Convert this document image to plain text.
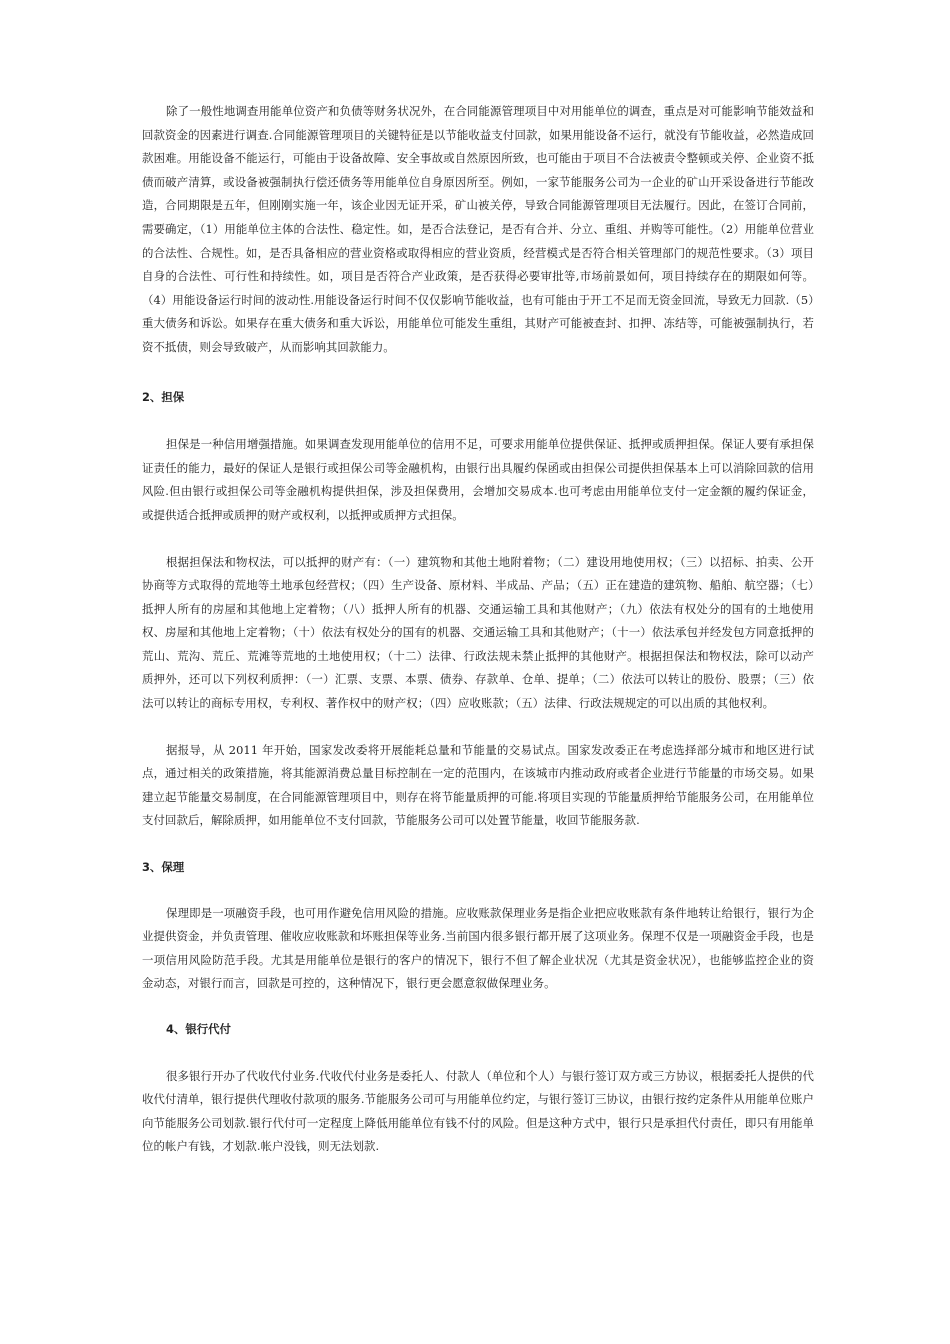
除了一般性地调查用能单位资产和负债等财务状况外，在合同能源管理项目中对用能单位的调查，重点是对可能影响节能效益和回款资金的因素进行调查.合同能源管理项目的关键特征是以节能收益支付回款，如果用能设备不运行，就没有节能收益，必然造成回款困难。用能设备不能运行，可能由于设备故障、安全事故或自然原因所致，也可能由于项目不合法被责令整顿或关停、企业资不抵债而破产清算，或设备被强制执行偿还债务等用能单位自身原因所至。例如，一家节能服务公司为一企业的矿山开采设备进行节能改造，合同期限是五年，但刚刚实施一年，该企业因无证开采，矿山被关停，导致合同能源管理项目无法履行。因此，在签订合同前，需要确定，（1）用能单位主体的合法性、稳定性。如，是否合法登记，是否有合并、分立、重组、并购等可能性。（2）用能单位营业的合法性、合规性。如，是否具备相应的营业资格或取得相应的营业资质，经营模式是否符合相关管理部门的规范性要求。（3）项目自身的合法性、可行性和持续性。如，项目是否符合产业政策，是否获得必要审批等,市场前景如何，项目持续存在的期限如何等。（4）用能设备运行时间的波动性.用能设备运行时间不仅仅影响节能收益，也有可能由于开工不足而无资金回流，导致无力回款.（5）重大债务和诉讼。如果存在重大债务和重大诉讼，用能单位可能发生重组，其财产可能被查封、扣押、冻结等，可能被强制执行，若资不抵债，则会导致破产，从而影响其回款能力。

2、担保

担保是一种信用增强措施。如果调查发现用能单位的信用不足，可要求用能单位提供保证、抵押或质押担保。保证人要有承担保证责任的能力，最好的保证人是银行或担保公司等金融机构，由银行出具履约保函或由担保公司提供担保基本上可以消除回款的信用风险.但由银行或担保公司等金融机构提供担保，涉及担保费用，会增加交易成本.也可考虑由用能单位支付一定金额的履约保证金，或提供适合抵押或质押的财产或权利，以抵押或质押方式担保。

根据担保法和物权法，可以抵押的财产有：（一）建筑物和其他土地附着物；（二）建设用地使用权；（三）以招标、拍卖、公开协商等方式取得的荒地等土地承包经营权；（四）生产设备、原材料、半成品、产品；（五）正在建造的建筑物、船舶、航空器；（七）抵押人所有的房屋和其他地上定着物；（八）抵押人所有的机器、交通运输工具和其他财产；（九）依法有权处分的国有的土地使用权、房屋和其他地上定着物；（十）依法有权处分的国有的机器、交通运输工具和其他财产；（十一）依法承包并经发包方同意抵押的荒山、荒沟、荒丘、荒滩等荒地的土地使用权；（十二）法律、行政法规未禁止抵押的其他财产。根据担保法和物权法，除可以动产质押外，还可以下列权利质押：（一）汇票、支票、本票、债券、存款单、仓单、提单；（二）依法可以转让的股份、股票；（三）依法可以转让的商标专用权，专利权、著作权中的财产权；（四）应收账款；（五）法律、行政法规规定的可以出质的其他权利。

据报导，从 2011 年开始，国家发改委将开展能耗总量和节能量的交易试点。国家发改委正在考虑选择部分城市和地区进行试点，通过相关的政策措施，将其能源消费总量目标控制在一定的范围内，在该城市内推动政府或者企业进行节能量的市场交易。如果建立起节能量交易制度，在合同能源管理项目中，则存在将节能量质押的可能.将项目实现的节能量质押给节能服务公司，在用能单位支付回款后，解除质押，如用能单位不支付回款，节能服务公司可以处置节能量，收回节能服务款.

3、保理

保理即是一项融资手段，也可用作避免信用风险的措施。应收账款保理业务是指企业把应收账款有条件地转让给银行，银行为企业提供资金，并负责管理、催收应收账款和坏账担保等业务.当前国内很多银行都开展了这项业务。保理不仅是一项融资金手段，也是一项信用风险防范手段。尤其是用能单位是银行的客户的情况下，银行不但了解企业状况（尤其是资金状况），也能够监控企业的资金动态，对银行而言，回款是可控的，这种情况下，银行更会愿意叙做保理业务。

4、银行代付

很多银行开办了代收代付业务.代收代付业务是委托人、付款人（单位和个人）与银行签订双方或三方协议，根据委托人提供的代收代付清单，银行提供代理收付款项的服务.节能服务公司可与用能单位约定，与银行签订三协议，由银行按约定条件从用能单位账户向节能服务公司划款.银行代付可一定程度上降低用能单位有钱不付的风险。但是这种方式中，银行只是承担代付责任，即只有用能单位的帐户有钱，才划款.帐户没钱，则无法划款.
